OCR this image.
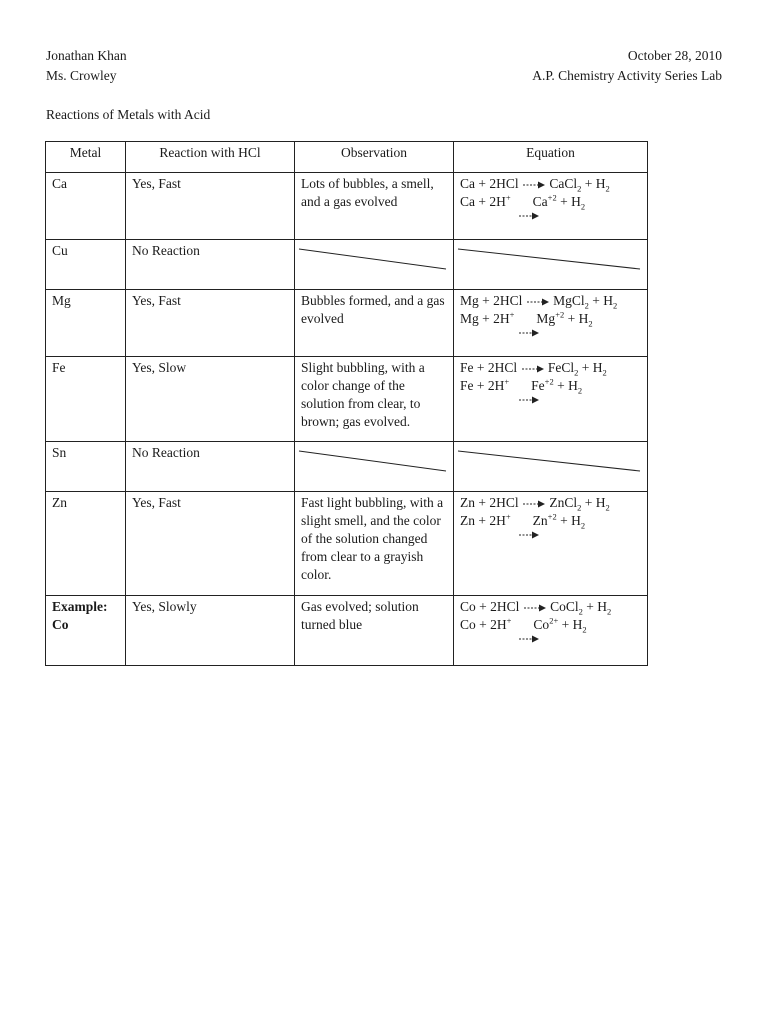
Jonathan Khan
Ms. Crowley
October 28, 2010
A.P. Chemistry Activity Series Lab
Reactions of Metals with Acid
Metal	Reaction with HCl	Observation	Equation
Ca	Yes, Fast	Lots of bubbles, a smell, and a gas evolved	Ca + 2HCl → CaCl$_2$ + $H_2$
Ca + 2H+ $Ca^{+2} + H_2$

Cu	No Reaction	

Mg	Yes, Fast	Bubbles formed, and a gas evolved	Mg + 2HCl → MgCl$_2$ + $H_2$
Mg + 2H+ $Mg^{+2} + H_2$

Fe	Yes, Slow	Slight bubbling, with a color change of the solution from clear, to brown; gas evolved.	Fe + 2HCl → FeCl$_2$ + $H_2$
Fe + 2H+ $Fe^{+2} + H_2$

Sn	No Reaction	

Zn	Yes, Fast	Fast light bubbling, with a slight smell, and the color of the solution changed from clear to a grayish color.	Zn + 2HCl → ZnCl$_2$ + $H_2$
Zn + 2H+ $Zn^{+2} + H_2$

Example: Co	Yes, Slowly	Gas evolved; solution turned blue	Co + 2HCl → CoCl$_2$ + $H_2$
Co + 2H+ $Co^{2+} + H_2$
